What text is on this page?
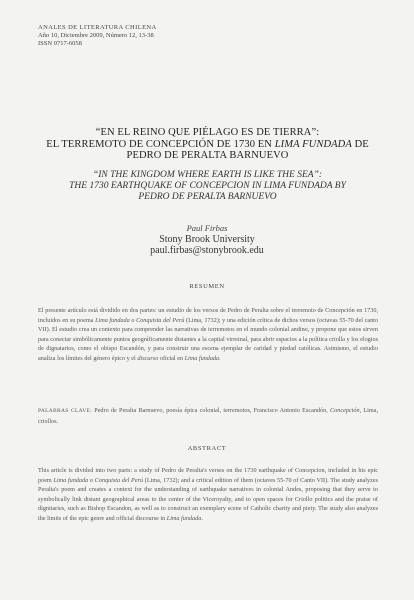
ANALES DE LITERATURA CHILENA
Año 10, Diciembre 2009, Número 12, 13-38
ISSN 0717-6058
“EN EL REINO QUE PIÉLAGO ES DE TIERRA”:
EL TERREMOTO DE CONCEPCIÓN DE 1730 EN LIMA FUNDADA DE
PEDRO DE PERALTA BARNUEVO
“IN THE KINGDOM WHERE EARTH IS LIKE THE SEA”:
THE 1730 EARTHQUAKE OF CONCEPCION IN LIMA FUNDADA BY
PEDRO DE PERALTA BARNUEVO
Paul Firbas
Stony Brook University
paul.firbas@stonybrook.edu
RESUMEN
El presente artículo está dividido en dos partes: un estudio de los versos de Pedro de Peralta sobre el terremoto de Concepción en 1730, incluidos en su poema Lima fundada o Conquista del Perú (Lima, 1732); y una edición crítica de dichos versos (octavas 55-70 del canto VII). El estudio crea un contexto para comprender las narrativas de terremotos en el mundo colonial andino, y propone que estos sirven para conectar simbólicamente puntos geográficamente distantes a la capital virreinal, para abrir espacios a la política criolla y los elogios de dignatarios, como el obispo Escandón, y para construir una escena ejemplar de caridad y piedad católicas. Asimismo, el estudio analiza los límites del género épico y el discurso oficial en Lima fundada.
PALABRAS CLAVE: Pedro de Peralta Barnuevo, poesía épica colonial, terremotos, Francisco Antonio Escandón, Concepción, Lima, criollos.
ABSTRACT
This article is divided into two parts: a study of Pedro de Peralta's verses on the 1730 earthquake of Concepcion, included in his epic poem Lima fundada o Conquista del Perú (Lima, 1732); and a critical edition of them (octaves 55-70 of Canto VII). The study analyzes Peralta's poem and creates a context for the understanding of earthquake narratives in colonial Andes, proposing that they serve to symbolically link distant geographical areas to the center of the Viceroyalty, and to open spaces for Criollo politics and the praise of dignitaries, such as Bishop Escandon, as well as to construct an exemplary scene of Catholic charity and piety. The study also analyzes the limits of the epic genre and official discourse in Lima fundada.
